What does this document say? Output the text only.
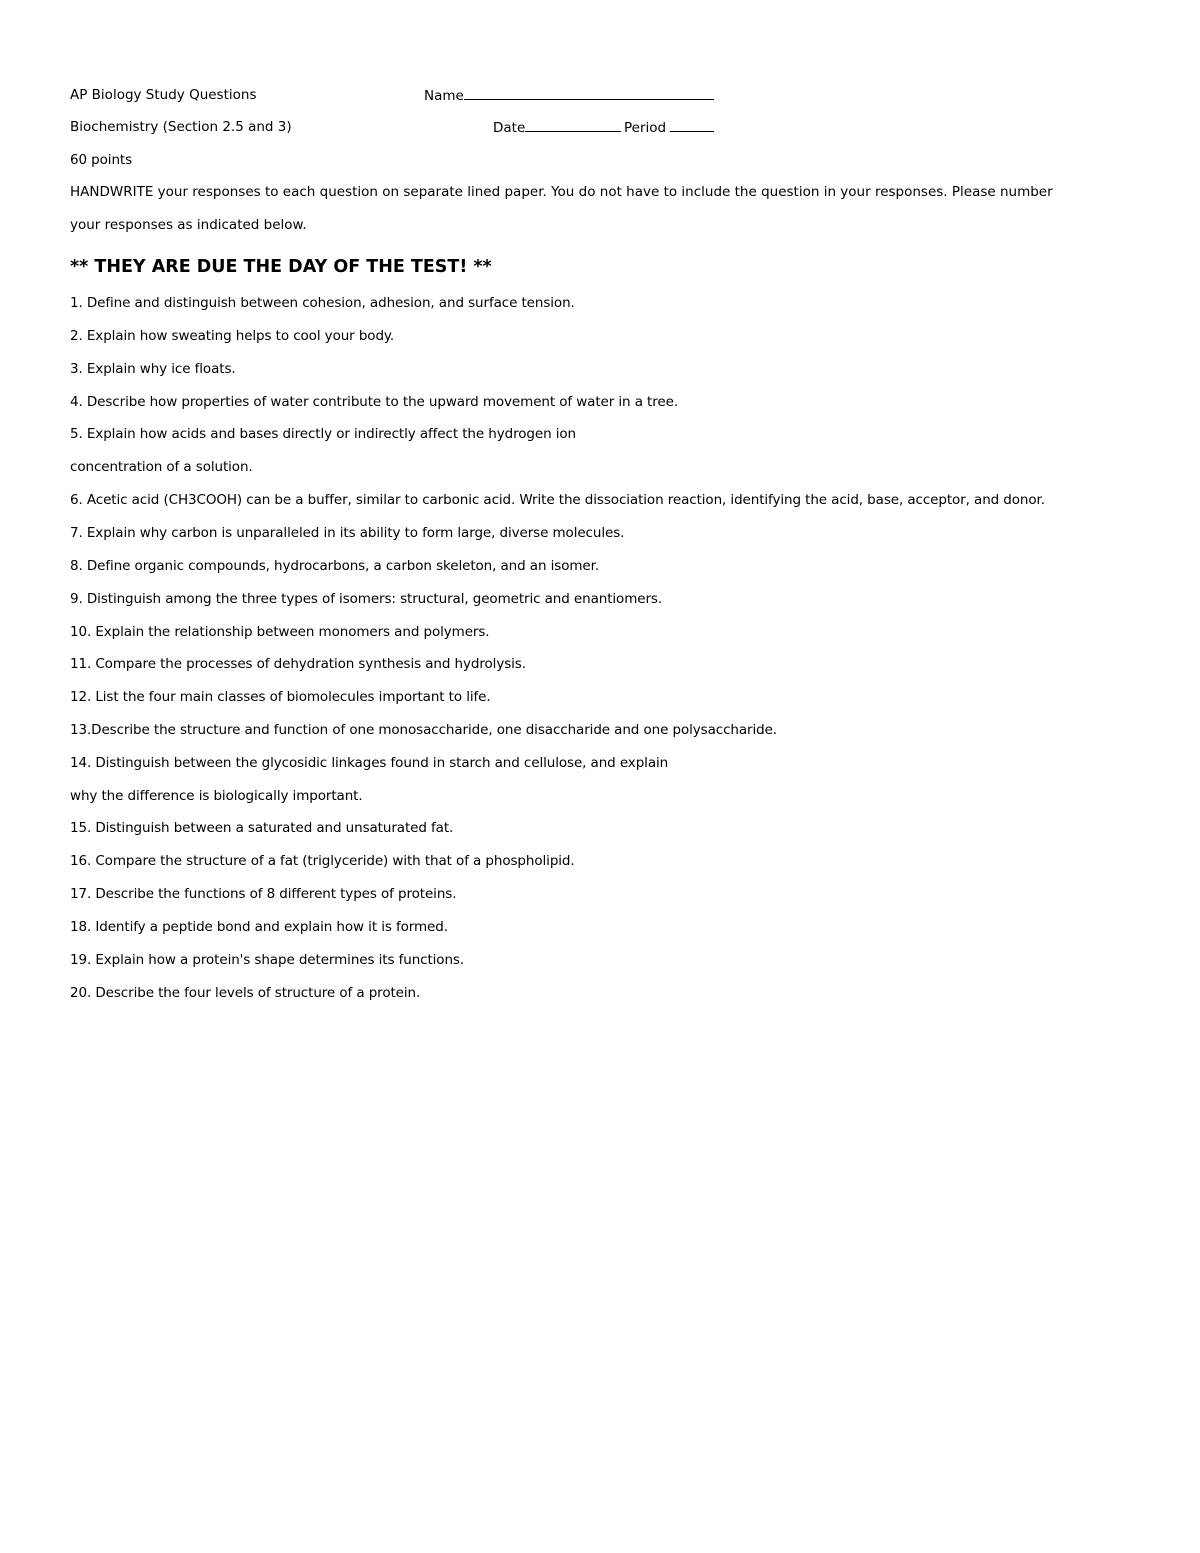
AP Biology Study Questions	Name
Biochemistry (Section 2.5 and 3)	Date	Period
60 points
HANDWRITE your responses to each question on separate lined paper. You do not have to include the question in your responses. Please number your responses as indicated below.
** THEY ARE DUE THE DAY OF THE TEST! **
1. Define and distinguish between cohesion, adhesion, and surface tension.
2. Explain how sweating helps to cool your body.
3. Explain why ice floats.
4. Describe how properties of water contribute to the upward movement of water in a tree.
5. Explain how acids and bases directly or indirectly affect the hydrogen ion
concentration of a solution.
6. Acetic acid (CH3COOH) can be a buffer, similar to carbonic acid. Write the dissociation reaction, identifying the acid, base, acceptor, and donor.
7. Explain why carbon is unparalleled in its ability to form large, diverse molecules.
8. Define organic compounds, hydrocarbons, a carbon skeleton, and an isomer.
9. Distinguish among the three types of isomers: structural, geometric and enantiomers.
10. Explain the relationship between monomers and polymers.
11. Compare the processes of dehydration synthesis and hydrolysis.
12. List the four main classes of biomolecules important to life.
13.Describe the structure and function of one monosaccharide, one disaccharide and one polysaccharide.
14. Distinguish between the glycosidic linkages found in starch and cellulose, and explain
why the difference is biologically important.
15. Distinguish between a saturated and unsaturated fat.
16. Compare the structure of a fat (triglyceride) with that of a phospholipid.
17. Describe the functions of 8 different types of proteins.
18. Identify a peptide bond and explain how it is formed.
19. Explain how a protein's shape determines its functions.
20. Describe the four levels of structure of a protein.
